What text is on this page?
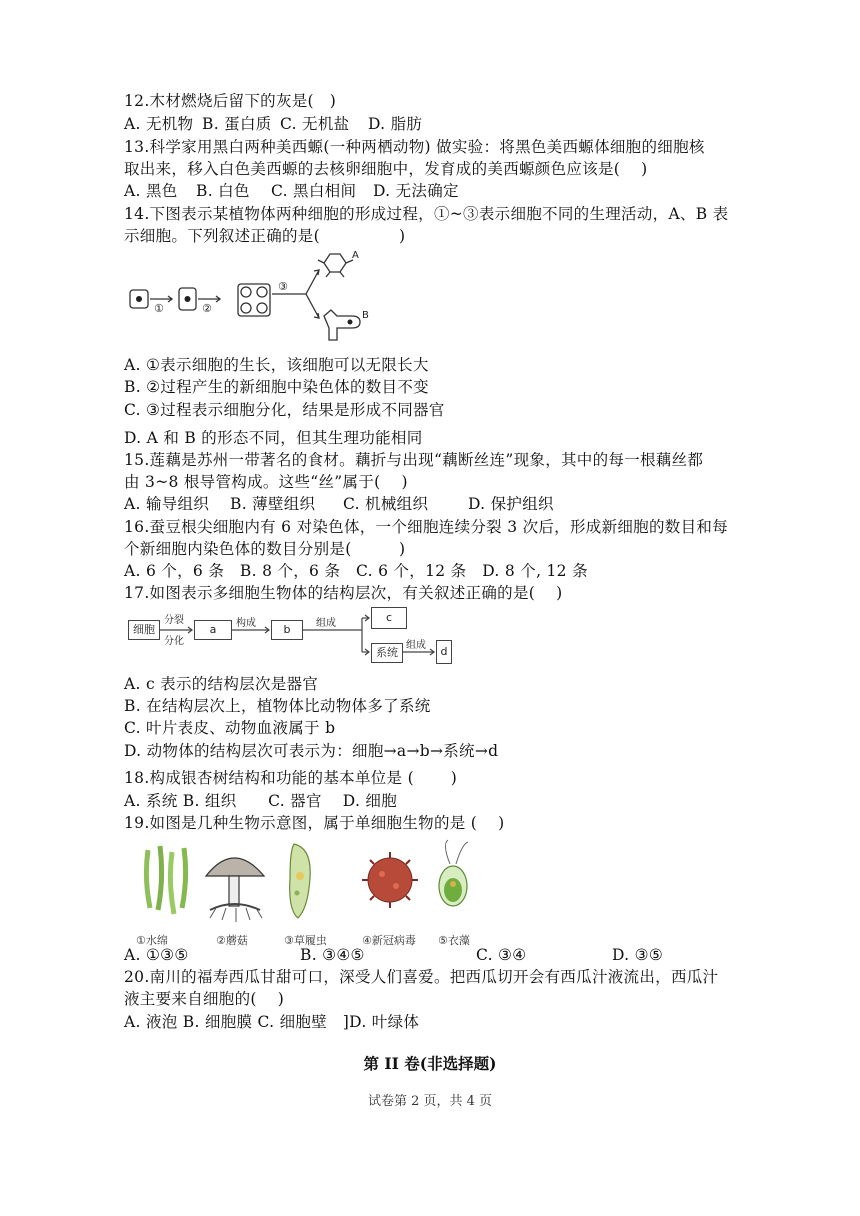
12.木材燃烧后留下的灰是(　)
A. 无机物 B. 蛋白质 C. 无机盐 D. 脂肪
13.科学家用黑白两种美西螈(一种两栖动物) 做实验：将黑色美西螈体细胞的细胞核
取出来，移入白色美西螈的去核卵细胞中，发育成的美西螈颜色应该是(　 )
A. 黑色 B. 白色 C. 黑白相间 D. 无法确定
14.下图表示某植物体两种细胞的形成过程，①~③表示细胞不同的生理活动，A、B 表
示细胞。下列叙述正确的是(　　　　　)
①	②
③
A
B
A. ①表示细胞的生长，该细胞可以无限长大
B. ②过程产生的新细胞中染色体的数目不变
C. ③过程表示细胞分化，结果是形成不同器官
D. A 和 B 的形态不同，但其生理功能相同
15.莲藕是苏州一带著名的食材。藕折与出现“藕断丝连”现象，其中的每一根藕丝都
由 3~8 根导管构成。这些“丝”属于(　 )
A. 输导组织 B. 薄壁组织 C. 机械组织	D. 保护组织
16.蚕豆根尖细胞内有 6 对染色体，一个细胞连续分裂 3 次后，形成新细胞的数目和每
个新细胞内染色体的数目分别是(　　　)
A. 6 个，6 条　B. 8 个，6 条　C. 6 个，12 条　D. 8 个, 12 条
17.如图表示多细胞生物体的结构层次，有关叙述正确的是(　 )
细胞
分裂
分化
a	构成	b	组成	c
系统
组成	d
A. c 表示的结构层次是器官
B. 在结构层次上，植物体比动物体多了系统
C. 叶片表皮、动物血液属于 b
D. 动物体的结构层次可表示为：细胞→a→b→系统→d
18.构成银杏树结构和功能的基本单位是 (　　 )
A. 系统 B. 组织　　C. 器官　 D. 细胞
19.如图是几种生物示意图，属于单细胞生物的是 (　 )
①水绵	②蘑菇	③草履虫	④新冠病毒 ⑤衣藻
A. ①③⑤	B. ③④⑤	C. ③④	D. ③⑤
20.南川的福寿西瓜甘甜可口，深受人们喜爱。把西瓜切开会有西瓜汁液流出，西瓜汁
液主要来自细胞的(　 )
A. 液泡 B. 细胞膜 C. 细胞壁　]D. 叶绿体
第 II 卷(非选择题)
试卷第 2 页，共 4 页
